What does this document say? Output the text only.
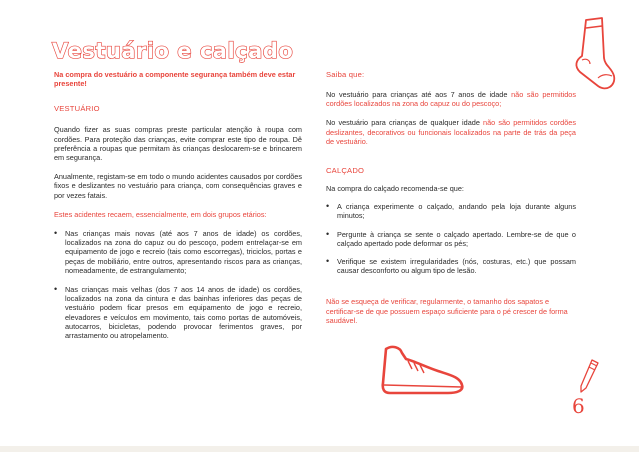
Vestuário e calçado

Na compra do vestuário a componente segurança também deve estar presente!

VESTUÁRIO

Quando fizer as suas compras preste particular atenção à roupa com cordões. Para proteção das crianças, evite comprar este tipo de roupa. Dê preferência a roupas que permitam às crianças deslocarem-se e brincarem em segurança.

Anualmente, registam-se em todo o mundo acidentes causados por cordões fixos e deslizantes no vestuário para criança, com consequências graves e por vezes fatais.

Estes acidentes recaem, essencialmente, em dois grupos etários:

• Nas crianças mais novas (até aos 7 anos de idade) os cordões, localizados na zona do capuz ou do pescoço, podem entrelaçar-se em equipamento de jogo e recreio (tais como escorregas), triciclos, portas e peças de mobiliário, entre outros, apresentando riscos para as crianças, nomeadamente, de estrangulamento;
• Nas crianças mais velhas (dos 7 aos 14 anos de idade) os cordões, localizados na zona da cintura e das bainhas inferiores das peças de vestuário podem ficar presos em equipamento de jogo e recreio, elevadores e veículos em movimento, tais como portas de automóveis, autocarros, bicicletas, podendo provocar ferimentos graves, por arrastamento ou atropelamento.

Saiba que:

No vestuário para crianças até aos 7 anos de idade não são permitidos cordões localizados na zona do capuz ou do pescoço;

No vestuário para crianças de qualquer idade não são permitidos cordões deslizantes, decorativos ou funcionais localizados na parte de trás da peça de vestuário.

CALÇADO

Na compra do calçado recomenda-se que:

• A criança experimente o calçado, andando pela loja durante alguns minutos;
• Pergunte à criança se sente o calçado apertado. Lembre-se de que o calçado apertado pode deformar os pés;
• Verifique se existem irregularidades (nós, costuras, etc.) que possam causar desconforto ou algum tipo de lesão.

Não se esqueça de verificar, regularmente, o tamanho dos sapatos e certificar-se de que possuem espaço suficiente para o pé crescer de forma saudável.

6
